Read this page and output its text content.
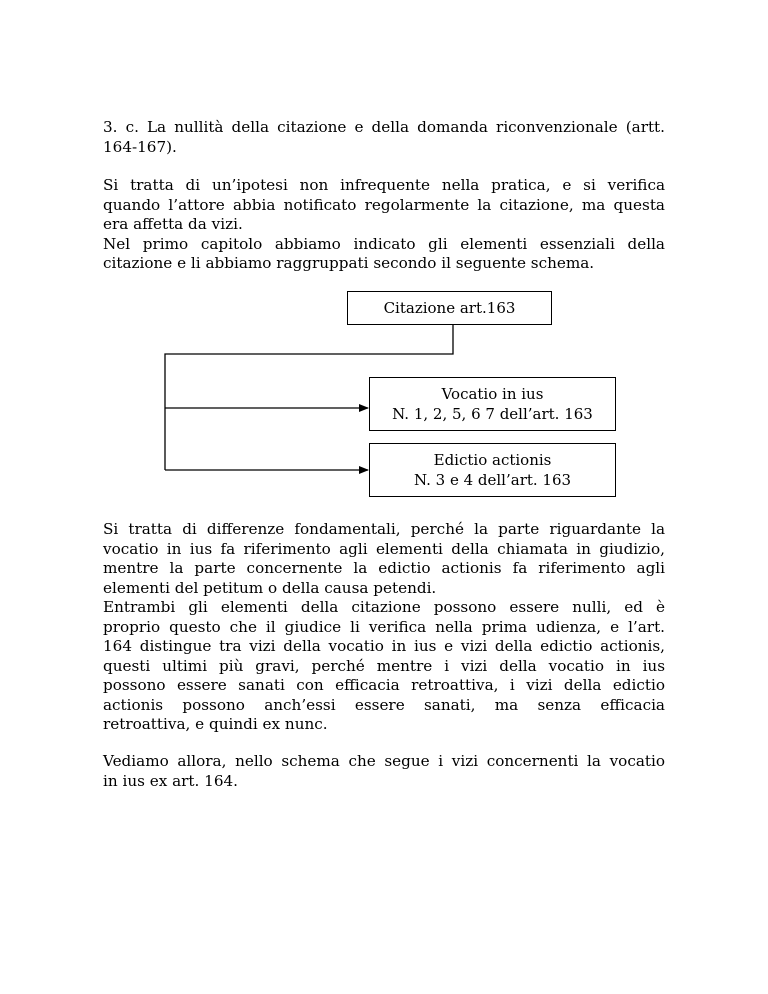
3. c. La nullità della citazione e della domanda riconvenzionale (artt.
164-167).
Si tratta di un’ipotesi non infrequente nella pratica, e si verifica
quando l’attore abbia notificato regolarmente la citazione, ma questa
era affetta da vizi.
Nel primo capitolo abbiamo indicato gli elementi essenziali della
citazione e li abbiamo raggruppati secondo il seguente schema.
Citazione art.163
Vocatio in ius
N. 1, 2, 5, 6 7 dell’art. 163
Edictio actionis
N. 3 e 4 dell’art. 163
Si tratta di differenze fondamentali, perché la parte riguardante la
vocatio in ius fa riferimento agli elementi della chiamata in giudizio,
mentre la parte concernente la edictio actionis fa riferimento agli
elementi del petitum o della causa petendi.
Entrambi gli elementi della citazione possono essere nulli, ed è
proprio questo che il giudice li verifica nella prima udienza, e l’art.
164 distingue tra vizi della vocatio in ius e vizi della edictio actionis,
questi ultimi più gravi, perché mentre i vizi della vocatio in ius
possono essere sanati con efficacia retroattiva, i vizi della edictio
actionis possono anch’essi essere sanati, ma senza efficacia
retroattiva, e quindi ex nunc.
Vediamo allora, nello schema che segue i vizi concernenti la vocatio
in ius ex art. 164.
